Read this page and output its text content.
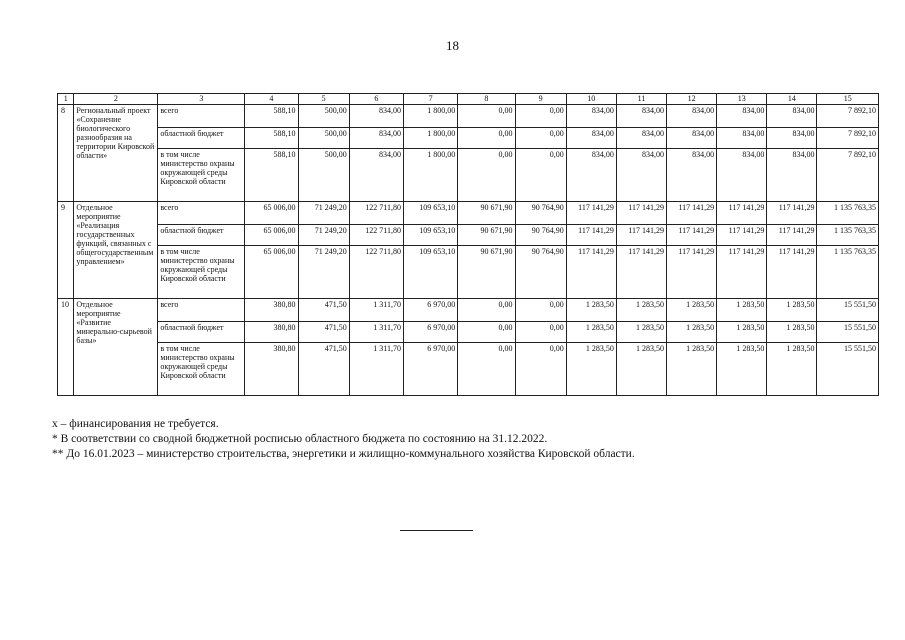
18
1	2	3	4	5	6	7	8	9	10	11	12	13	14	15
8	Региональный проект «Сохранение биологического разнообразия на территории Кировской области»	всего	588,10	500,00	834,00	1 800,00	0,00	0,00	834,00	834,00	834,00	834,00	834,00	7 892,10
		областной бюджет	588,10	500,00	834,00	1 800,00	0,00	0,00	834,00	834,00	834,00	834,00	834,00	7 892,10
		в том числе министерство охраны окружающей среды Кировской области	588,10	500,00	834,00	1 800,00	0,00	0,00	834,00	834,00	834,00	834,00	834,00	7 892,10
9	Отдельное мероприятие «Реализация государственных функций, связанных с общегосударственным управлением»	всего	65 006,00	71 249,20	122 711,80	109 653,10	90 671,90	90 764,90	117 141,29	117 141,29	117 141,29	117 141,29	117 141,29	1 135 763,35
		областной бюджет	65 006,00	71 249,20	122 711,80	109 653,10	90 671,90	90 764,90	117 141,29	117 141,29	117 141,29	117 141,29	117 141,29	1 135 763,35
		в том числе министерство охраны окружающей среды Кировской области	65 006,00	71 249,20	122 711,80	109 653,10	90 671,90	90 764,90	117 141,29	117 141,29	117 141,29	117 141,29	117 141,29	1 135 763,35
10	Отдельное мероприятие «Развитие минерально-сырьевой базы»	всего	380,80	471,50	1 311,70	6 970,00	0,00	0,00	1 283,50	1 283,50	1 283,50	1 283,50	1 283,50	15 551,50
		областной бюджет	380,80	471,50	1 311,70	6 970,00	0,00	0,00	1 283,50	1 283,50	1 283,50	1 283,50	1 283,50	15 551,50
		в том числе министерство охраны окружающей среды Кировской области	380,80	471,50	1 311,70	6 970,00	0,00	0,00	1 283,50	1 283,50	1 283,50	1 283,50	1 283,50	15 551,50
х – финансирования не требуется.
* В соответствии со сводной бюджетной росписью областного бюджета по состоянию на 31.12.2022.
** До 16.01.2023 – министерство строительства, энергетики и жилищно-коммунального хозяйства Кировской области.
